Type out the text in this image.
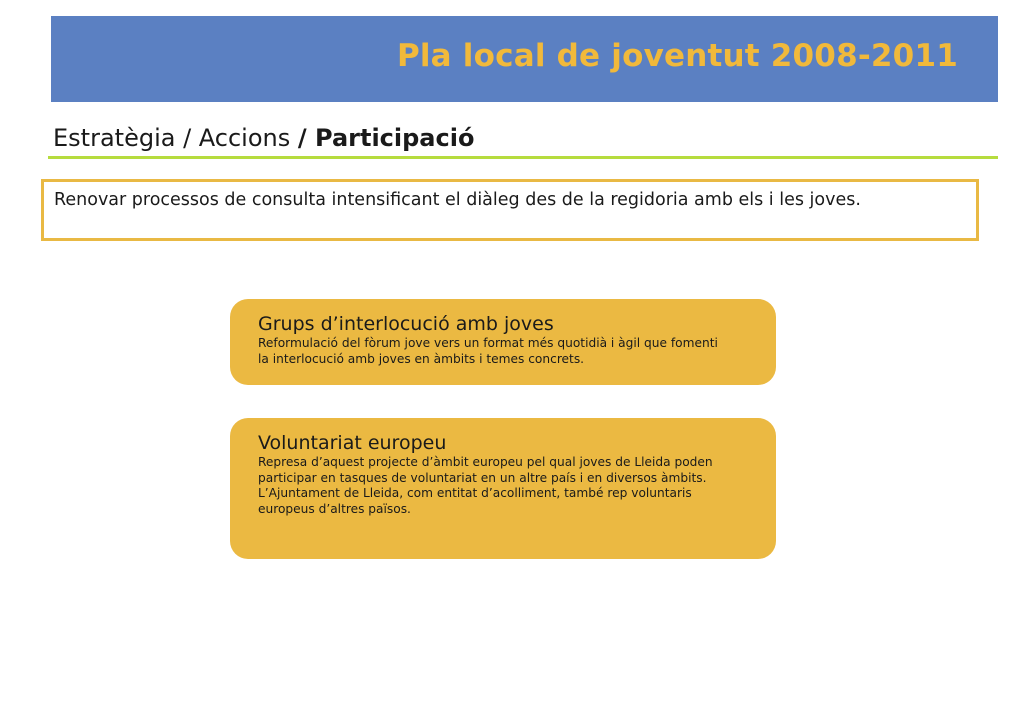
Pla local de joventut 2008-2011
Estratègia / Accions / Participació

Renovar processos de consulta intensificant el diàleg des de la regidoria amb els i les joves.

Grups d’interlocució amb joves

Reformulació del fòrum jove vers un format més quotidià i àgil que fomenti
la interlocució amb joves en àmbits i temes concrets.

Voluntariat europeu

Represa d’aquest projecte d’àmbit europeu pel qual joves de Lleida poden
participar en tasques de voluntariat en un altre país i en diversos àmbits.
L’Ajuntament de Lleida, com entitat d’acolliment, també rep voluntaris
europeus d’altres països.
